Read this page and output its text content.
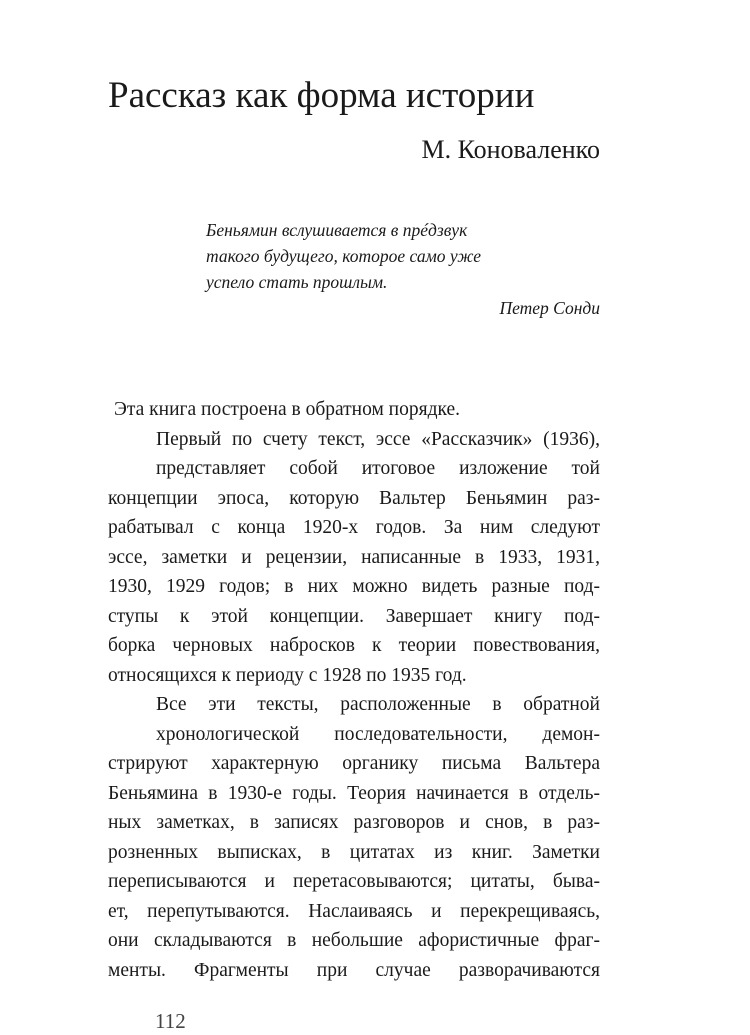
Рассказ как форма истории
М. Коноваленко
Беньямин вслушивается в прéдзвук
такого будущего, которое само уже
успело стать прошлым.
Петер Сонди
Эта книга построена в обратном порядке.
Первый по счету текст, эссе «Рассказчик» (1936),
представляет собой итоговое изложение той
концепции эпоса, которую Вальтер Беньямин раз-
рабатывал с конца 1920-х годов. За ним следуют
эссе, заметки и рецензии, написанные в 1933, 1931,
1930, 1929 годов; в них можно видеть разные под-
ступы к этой концепции. Завершает книгу под-
борка черновых набросков к теории повествования,
относящихся к периоду с 1928 по 1935 год.
Все эти тексты, расположенные в обратной
хронологической последовательности, демон-
стрируют характерную органику письма Вальтера
Беньямина в 1930-е годы. Теория начинается в отдель-
ных заметках, в записях разговоров и снов, в раз-
розненных выписках, в цитатах из книг. Заметки
переписываются и перетасовываются; цитаты, быва-
ет, перепутываются. Наслаиваясь и перекрещиваясь,
они складываются в небольшие афористичные фраг-
менты. Фрагменты при случае разворачиваются
112
